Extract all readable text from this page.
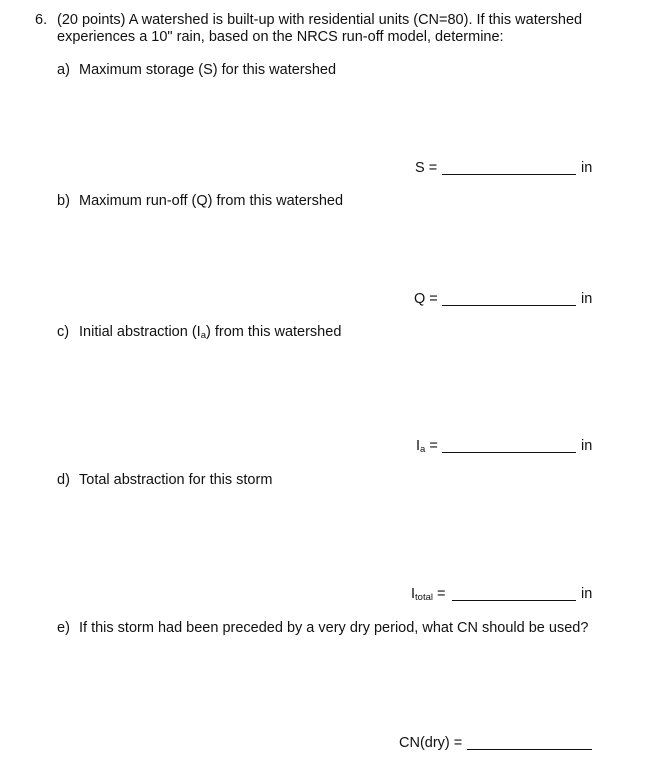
6. (20 points) A watershed is built-up with residential units (CN=80). If this watershed
experiences a 10" rain, based on the NRCS run-off model, determine:
a) Maximum storage (S) for this watershed
S =	in
b) Maximum run-off (Q) from this watershed
Q =	in
c) Initial abstraction $(I_a)$ from this watershed
$I_a$ =	in
d) Total abstraction for this storm
$I_{total}$ =	in
e) If this storm had been preceded by a very dry period, what CN should be used?
CN(dry) =
